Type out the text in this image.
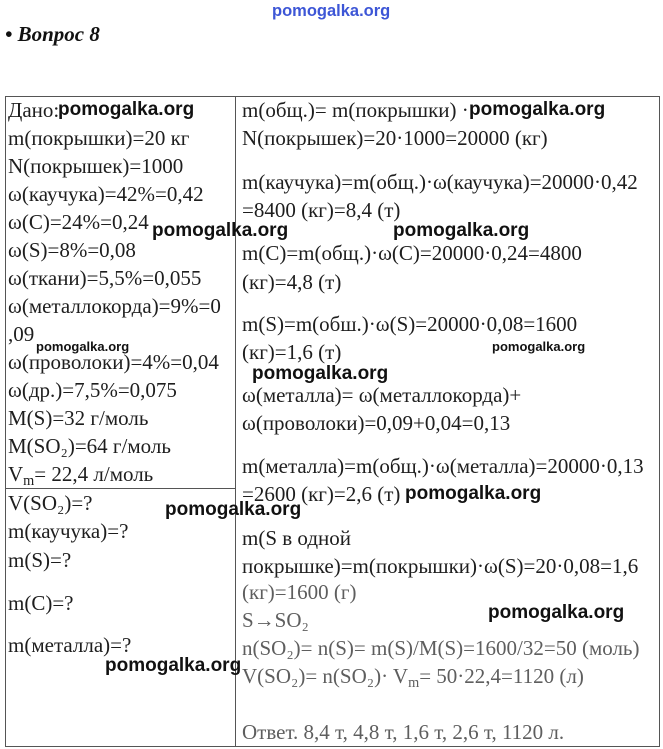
pomogalka.org
• Вопрос 8
Дано:
m(покрышки)=20 кг
N(покрышек)=1000
ω(каучука)=42%=0,42
ω(C)=24%=0,24
ω(S)=8%=0,08
ω(ткани)=5,5%=0,055
ω(металлокорда)=9%=0
,09
ω(проволоки)=4%=0,04
ω(др.)=7,5%=0,075
M(S)=32 г/моль
M(SO₂)=64 г/моль
$V_m= 22,4$ л/моль
V(SO₂)=?
m(каучука)=?
m(S)=?
m(C)=?
m(металла)=?
m(общ.)= m(покрышки) ·
N(покрышек)=20·1000=20000 (кг)
m(каучука)=m(общ.)·ω(каучука)=20000·0,42
=8400 (кг)=8,4 (т)
m(C)=m(общ.)·ω(C)=20000·0,24=4800
(кг)=4,8 (т)
m(S)=m(обш.)·ω(S)=20000·0,08=1600
(кг)=1,6 (т)
ω(металла)= ω(металлокорда)+
ω(проволоки)=0,09+0,04=0,13
m(металла)=m(общ.)·ω(металла)=20000·0,13
=2600 (кг)=2,6 (т)
m(S в одной
покрышке)=m(покрышки)·ω(S)=20·0,08=1,6
(кг)=1600 (г)
S→SO₂
n(SO₂)= n(S)= m(S)/M(S)=1600/32=50 (моль)
$V(SO_2)= n(SO_2)\cdot V_m= 50\cdot 22,4=1120$ (л)
Ответ. 8,4 т, 4,8 т, 1,6 т, 2,6 т, 1120 л.
pomogalka.org	pomogalka.org
pomogalka.org	pomogalka.org
pomogalka.org	pomogalka.org
pomogalka.org
pomogalka.org
pomogalka.org
pomogalka.org
pomogalka.org
